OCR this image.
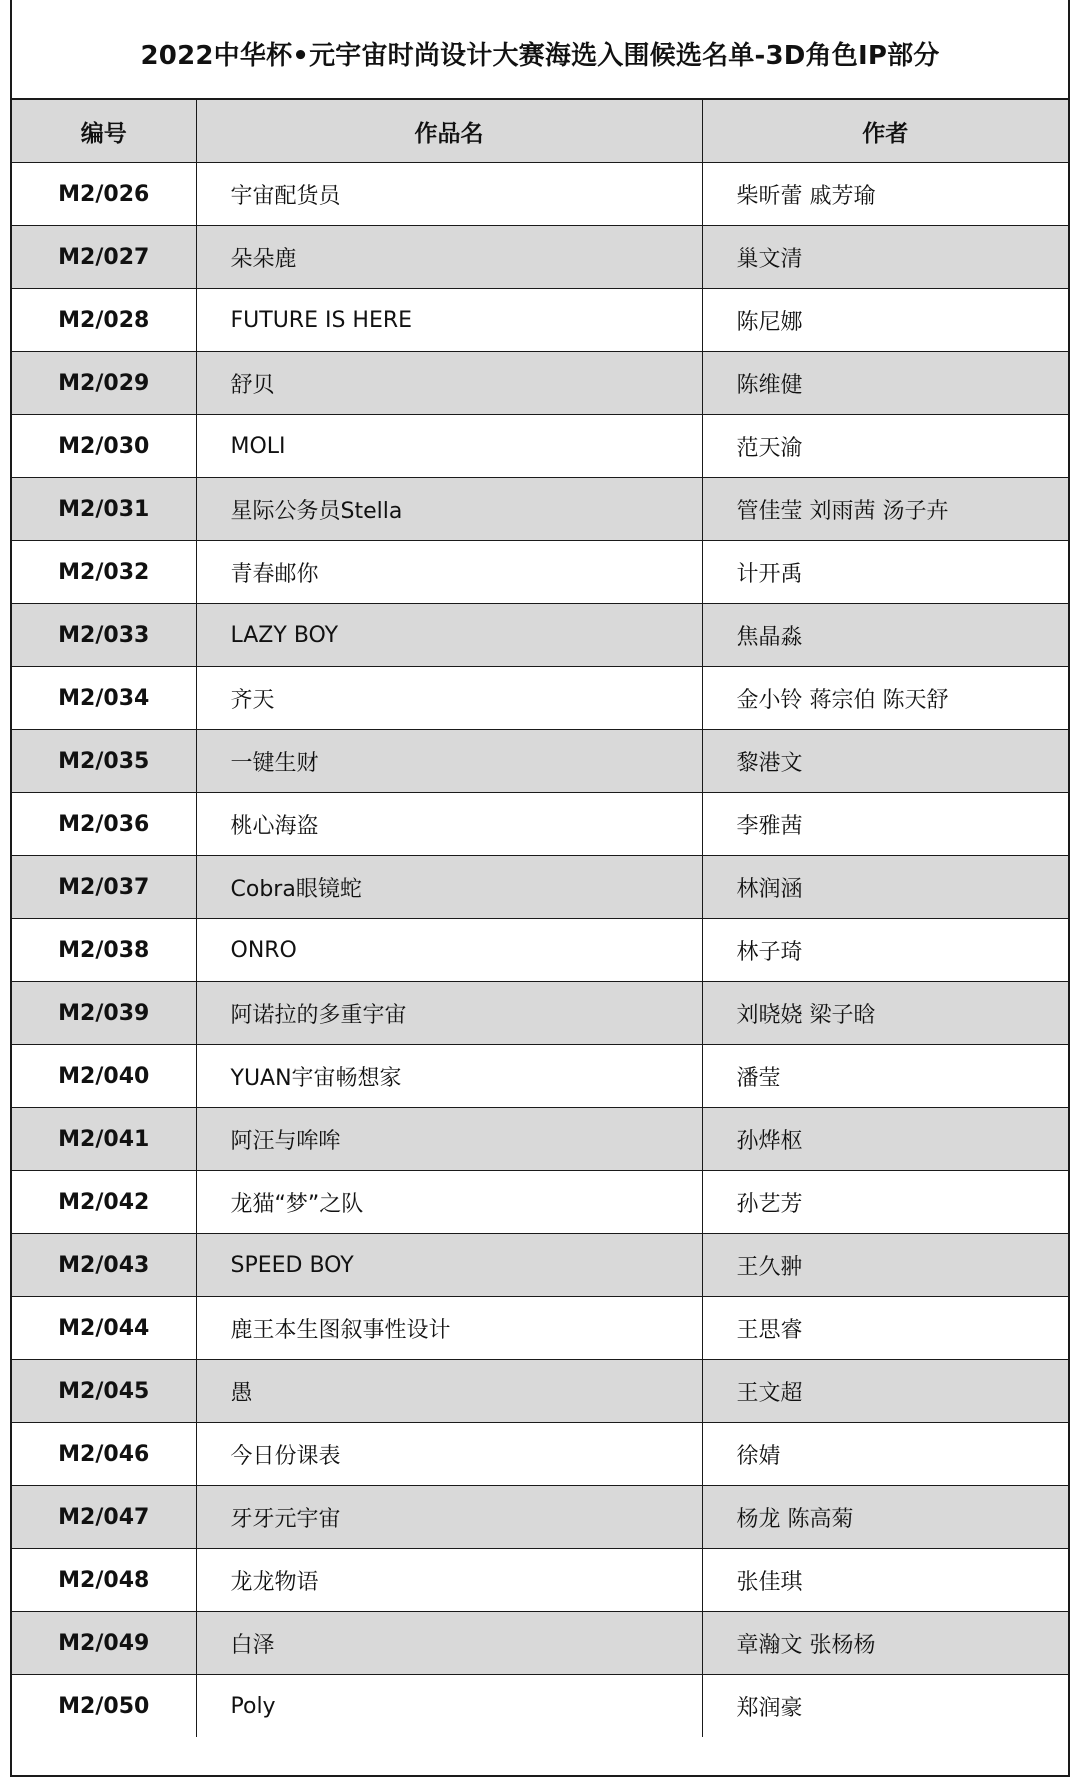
2022中华杯•元宇宙时尚设计大赛海选入围候选名单-3D角色IP部分
编号	作品名	作者
M2/026	宇宙配货员	柴昕蕾 戚芳瑜
M2/027	朵朵鹿	巢文清
M2/028	FUTURE IS HERE	陈尼娜
M2/029	舒贝	陈维健
M2/030	MOLI	范天渝
M2/031	星际公务员Stella	管佳莹 刘雨茜 汤子卉
M2/032	青春邮你	计开禹
M2/033	LAZY BOY	焦晶淼
M2/034	齐天	金小铃 蒋宗伯 陈天舒
M2/035	一键生财	黎港文
M2/036	桃心海盗	李雅茜
M2/037	Cobra眼镜蛇	林润涵
M2/038	ONRO	林子琦
M2/039	阿诺拉的多重宇宙	刘晓娆 梁子晗
M2/040	YUAN宇宙畅想家	潘莹
M2/041	阿汪与哞哞	孙烨枢
M2/042	龙猫“梦”之队	孙艺芳
M2/043	SPEED BOY	王久翀
M2/044	鹿王本生图叙事性设计	王思睿
M2/045	愚	王文超
M2/046	今日份课表	徐婧
M2/047	牙牙元宇宙	杨龙 陈高菊
M2/048	龙龙物语	张佳琪
M2/049	白泽	章瀚文 张杨杨
M2/050	Poly	郑润豪
